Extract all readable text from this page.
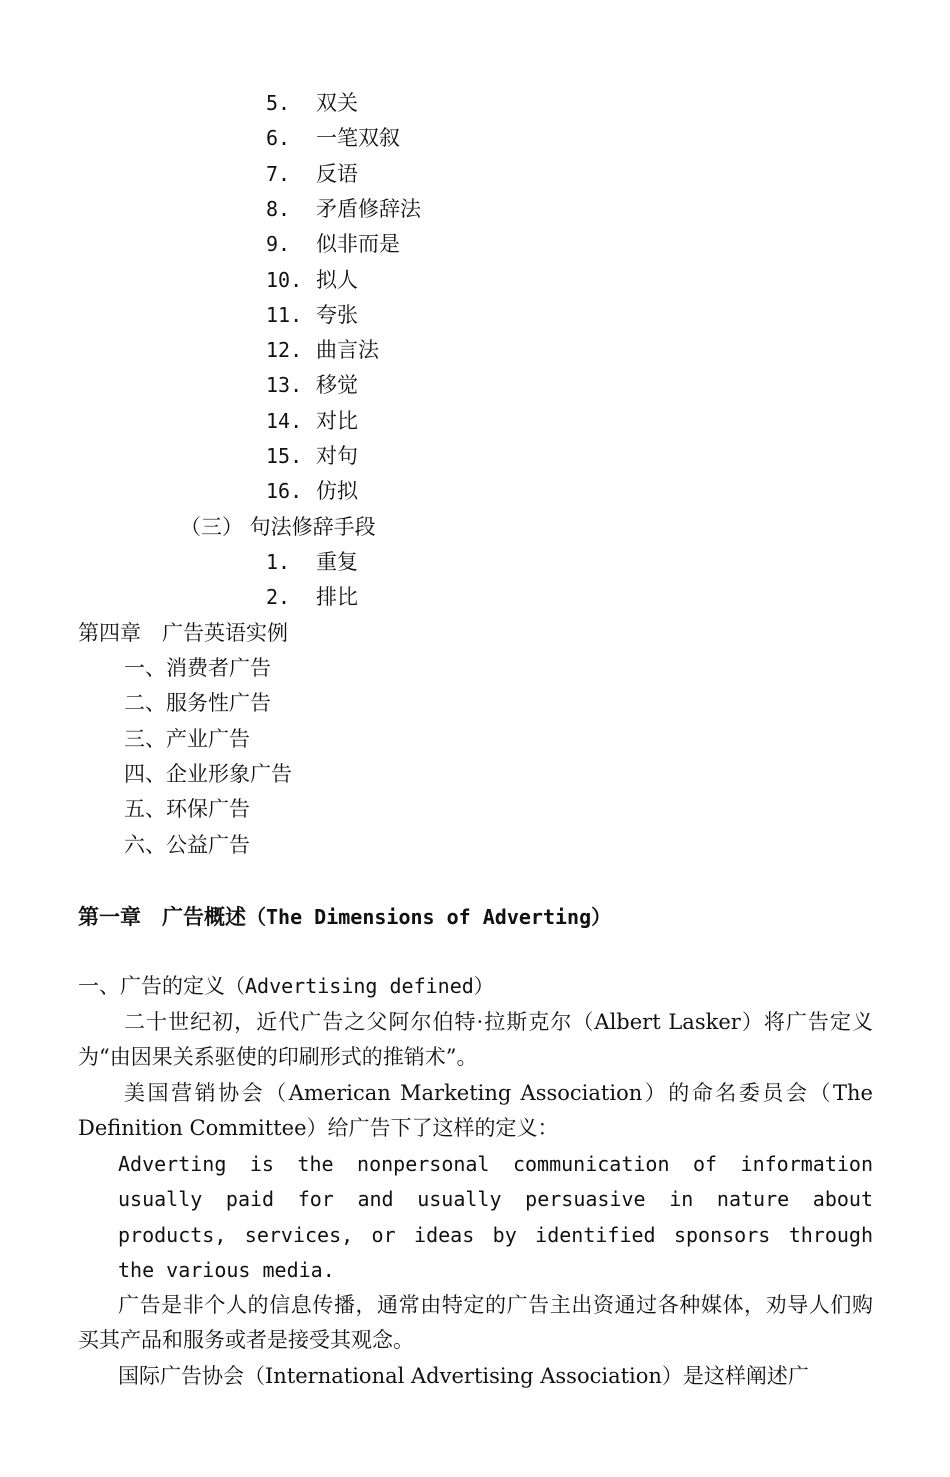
5. 双关
6. 一笔双叙
7. 反语
8. 矛盾修辞法
9. 似非而是
10. 拟人
11. 夸张
12. 曲言法
13. 移觉
14. 对比
15. 对句
16. 仿拟
（三） 句法修辞手段
1. 重复
2. 排比
第四章　广告英语实例
一、消费者广告
二、服务性广告
三、产业广告
四、企业形象广告
五、环保广告
六、公益广告
第一章　广告概述（The Dimensions of Adverting）
一、广告的定义（Advertising defined）
二十世纪初，近代广告之父阿尔伯特·拉斯克尔（Albert Lasker）将广告定义为“由因果关系驱使的印刷形式的推销术”。
美国营销协会（American Marketing Association）的命名委员会（The Definition Committee）给广告下了这样的定义：
Adverting is the nonpersonal communication of information usually paid for and usually persuasive in nature about products, services, or ideas by identified sponsors through the various media.
广告是非个人的信息传播，通常由特定的广告主出资通过各种媒体，劝导人们购买其产品和服务或者是接受其观念。
国际广告协会（International Advertising Association）是这样阐述广
